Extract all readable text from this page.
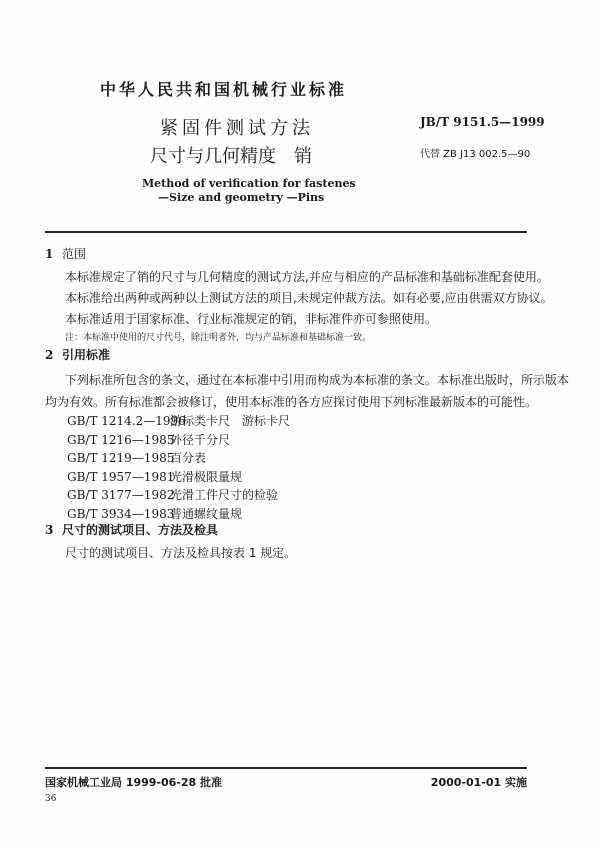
中华人民共和国机械行业标准
JB/T 9151.5—1999
紧固件测试方法
代替 ZB J13 002.5—90
尺寸与几何精度　销
Method of verification for fastenes
—Size and geometry —Pins
1 范围
本标准规定了销的尺寸与几何精度的测试方法,并应与相应的产品标准和基础标准配套使用。
本标准给出两种或两种以上测试方法的项目,未规定仲裁方法。如有必要,应由供需双方协议。
本标准适用于国家标准、行业标准规定的销，非标准件亦可参照使用。
注：本标准中使用的尺寸代号，除注明者外，均与产品标准和基础标准一致。
2 引用标准
下列标准所包含的条文，通过在本标准中引用而构成为本标准的条文。本标准出版时，所示版本
均为有效。所有标准都会被修订，使用本标准的各方应探讨使用下列标准最新版本的可能性。
GB/T 1214.2—1996
游标类卡尺　游标卡尺
GB/T 1216—1985
外径千分尺
GB/T 1219—1985
百分表
GB/T 1957—1981
光滑极限量规
GB/T 3177—1982
光滑工件尺寸的检验
GB/T 3934—1983
普通螺纹量规
3 尺寸的测试项目、方法及检具
尺寸的测试项目、方法及检具按表 1 规定。
国家机械工业局 1999-06-28 批准	2000-01-01 实施
36
